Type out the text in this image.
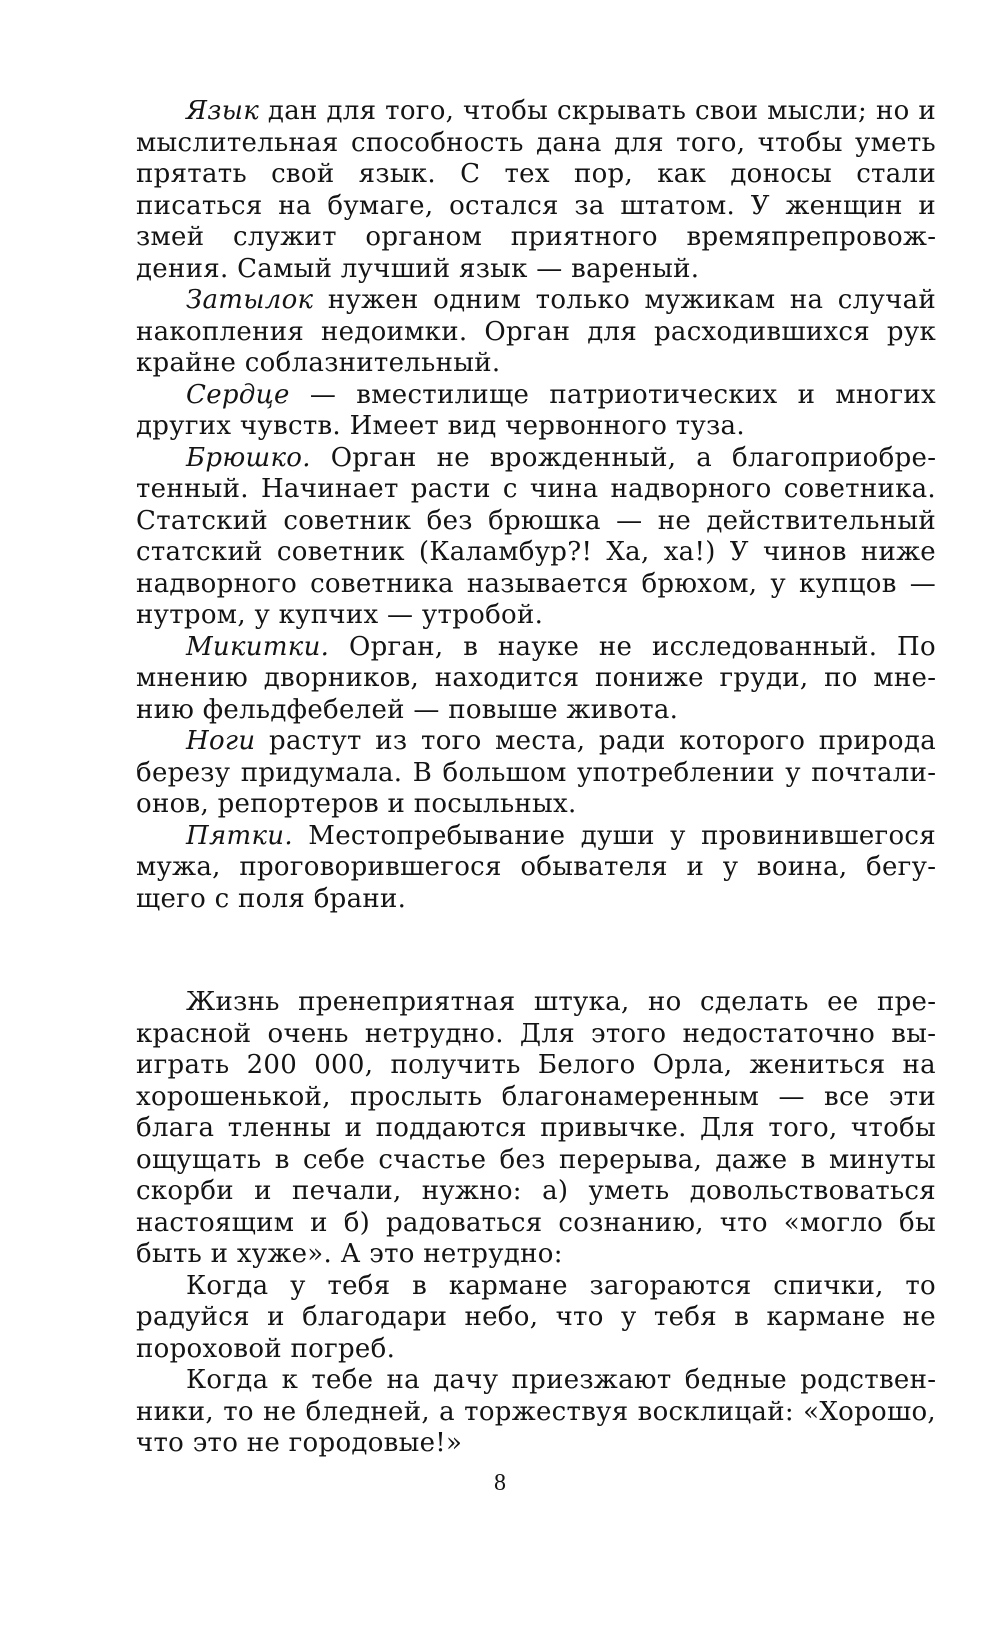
Язык дан для того, чтобы скрывать свои мысли; но и мыслительная способность дана для того, чтобы уметь прятать свой язык. С тех пор, как доносы стали писаться на бумаге, остался за штатом. У женщин и змей служит органом приятного времяпрепровождения. Самый лучший язык — вареный.

Затылок нужен одним только мужикам на случай накопления недоимки. Орган для расходившихся рук крайне соблазнительный.

Сердце — вместилище патриотических и многих других чувств. Имеет вид червонного туза.

Брюшко. Орган не врожденный, а благоприобретенный. Начинает расти с чина надворного советника. Статский советник без брюшка — не действительный статский советник (Каламбур?! Ха, ха!) У чинов ниже надворного советника называется брюхом, у купцов — нутром, у купчих — утробой.

Микитки. Орган, в науке не исследованный. По мнению дворников, находится пониже груди, по мнению фельдфебелей — повыше живота.

Ноги растут из того места, ради которого природа березу придумала. В большом употреблении у почталионов, репортеров и посыльных.

Пятки. Местопребывание души у провинившегося мужа, проговорившегося обывателя и у воина, бегущего с поля брани.

Жизнь пренеприятная штука, но сделать ее прекрасной очень нетрудно. Для этого недостаточно выиграть 200 000, получить Белого Орла, жениться на хорошенькой, прослыть благонамеренным — все эти блага тленны и поддаются привычке. Для того, чтобы ощущать в себе счастье без перерыва, даже в минуты скорби и печали, нужно: а) уметь довольствоваться настоящим и б) радоваться сознанию, что «могло бы быть и хуже». А это нетрудно:

Когда у тебя в кармане загораются спички, то радуйся и благодари небо, что у тебя в кармане не пороховой погреб.

Когда к тебе на дачу приезжают бедные родственники, то не бледней, а торжествуя восклицай: «Хорошо, что это не городовые!»

8
